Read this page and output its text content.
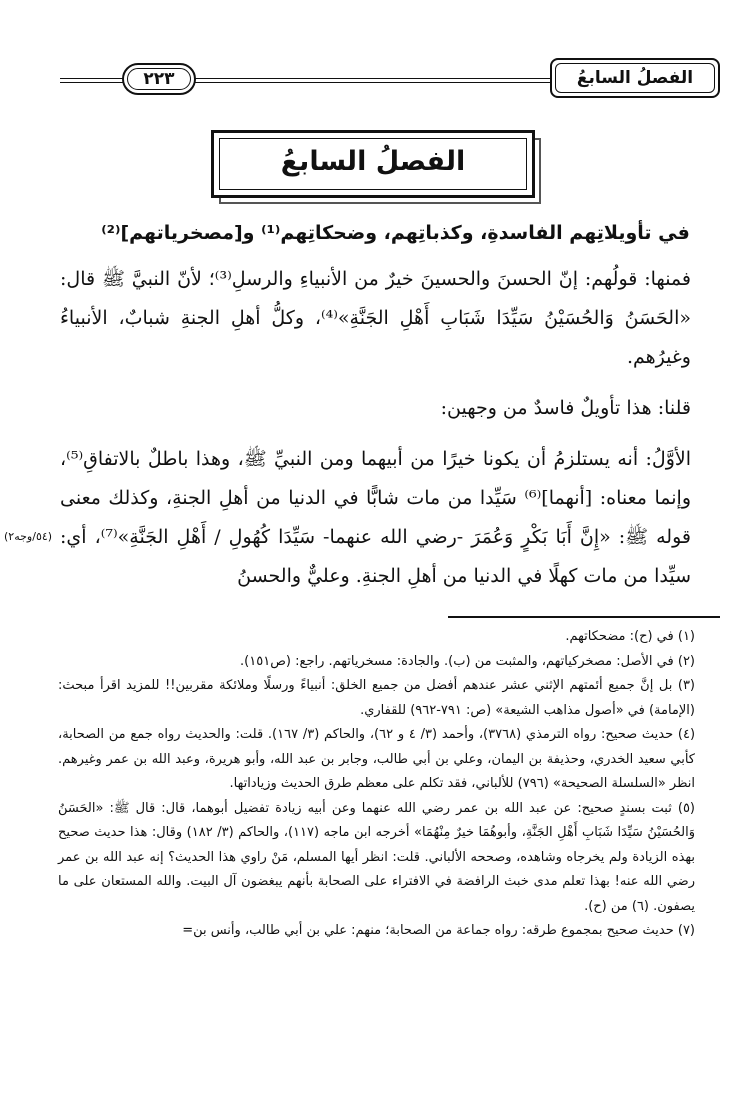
٢٢٣	الفصلُ السابعُ
الفصلُ السابعُ
في تأويلاتِهم الفاسدةِ، وكذباتِهم، وضحكاتِهم⁽¹⁾ و[مصخرياتهم]⁽²⁾

فمنها: قولُهم: إنّ الحسنَ والحسينَ خيرٌ من الأنبياءِ والرسلِ⁽³⁾؛ لأنّ النبيَّ ﷺ قال: «الحَسَنُ وَالحُسَيْنُ سَيِّدَا شَبَابِ أَهْلِ الجَنَّةِ»⁽⁴⁾، وكلُّ أهلِ الجنةِ شبابٌ، الأنبياءُ وغيرُهم.

قلنا: هذا تأويلٌ فاسدٌ من وجهين:

الأوَّلُ: أنه يستلزمُ أن يكونا خيرًا من أبيهما ومن النبيِّ ﷺ، وهذا باطلٌ بالاتفاقِ⁽⁵⁾، وإنما معناه: [أنهما]⁽⁶⁾ سَيِّدا من مات شابًّا في الدنيا من أهلِ الجنةِ، وكذلك معنى قوله ﷺ: «إِنَّ أَبَا بَكْرٍ وَعُمَرَ -رضي الله عنهما- سَيِّدَا كُهُولِ / أَهْلِ الجَنَّةِ»⁽⁷⁾، أي: سيِّدا من مات كهلًا في الدنيا من أهلِ الجنةِ. وعليٌّ والحسنُ

(٥٤/وجه٢)

(١) في (ح): مضحكاتهم.

(٢) في الأصل: مصخركياتهم، والمثبت من (ب). والجادة: مسخرياتهم. راجع: (ص١٥١).

(٣) بل إنَّ جميع أئمتهم الإثني عشر عندهم أفضل من جميع الخلق: أنبياءً ورسلًا وملائكة مقربين!! للمزيد اقرأ مبحث: (الإمامة) في «أصول مذاهب الشيعة» (ص: ٧٩١-٩٦٢) للقفاري.

(٤) حديث صحيح: رواه الترمذي (٣٧٦٨)، وأحمد (٣/ ٤ و ٦٢)، والحاكم (٣/ ١٦٧). قلت: والحديث رواه جمع من الصحابة، كأبي سعيد الخدري، وحذيفة بن اليمان، وعلي بن أبي طالب، وجابر بن عبد الله، وأبو هريرة، وعبد الله بن عمر وغيرهم. انظر «السلسلة الصحيحة» (٧٩٦) للألباني، فقد تكلم على معظم طرق الحديث وزياداتها.

(٥) ثبت بسندٍ صحيح: عن عبد الله بن عمر رضي الله عنهما وعن أبيه زيادة تفضيل أبوهما، قال: قال ﷺ: «الحَسَنُ وَالحُسَيْنُ سَيِّدَا شَبَابِ أَهْلِ الجَنَّةِ، وأبوهُمَا خيرٌ مِنْهُمَا» أخرجه ابن ماجه (١١٧)، والحاكم (٣/ ١٨٢) وقال: هذا حديث صحيح بهذه الزيادة ولم يخرجاه وشاهده، وصححه الألباني. قلت: انظر أيها المسلم، مَنْ راوي هذا الحديث؟ إنه عبد الله بن عمر رضي الله عنه! بهذا تعلم مدى خبث الرافضة في الافتراء على الصحابة بأنهم يبغضون آل البيت. والله المستعان على ما يصفون. (٦) من (ح).

(٧) حديث صحيح بمجموع طرقه: رواه جماعة من الصحابة؛ منهم: علي بن أبي طالب، وأنس بن=
